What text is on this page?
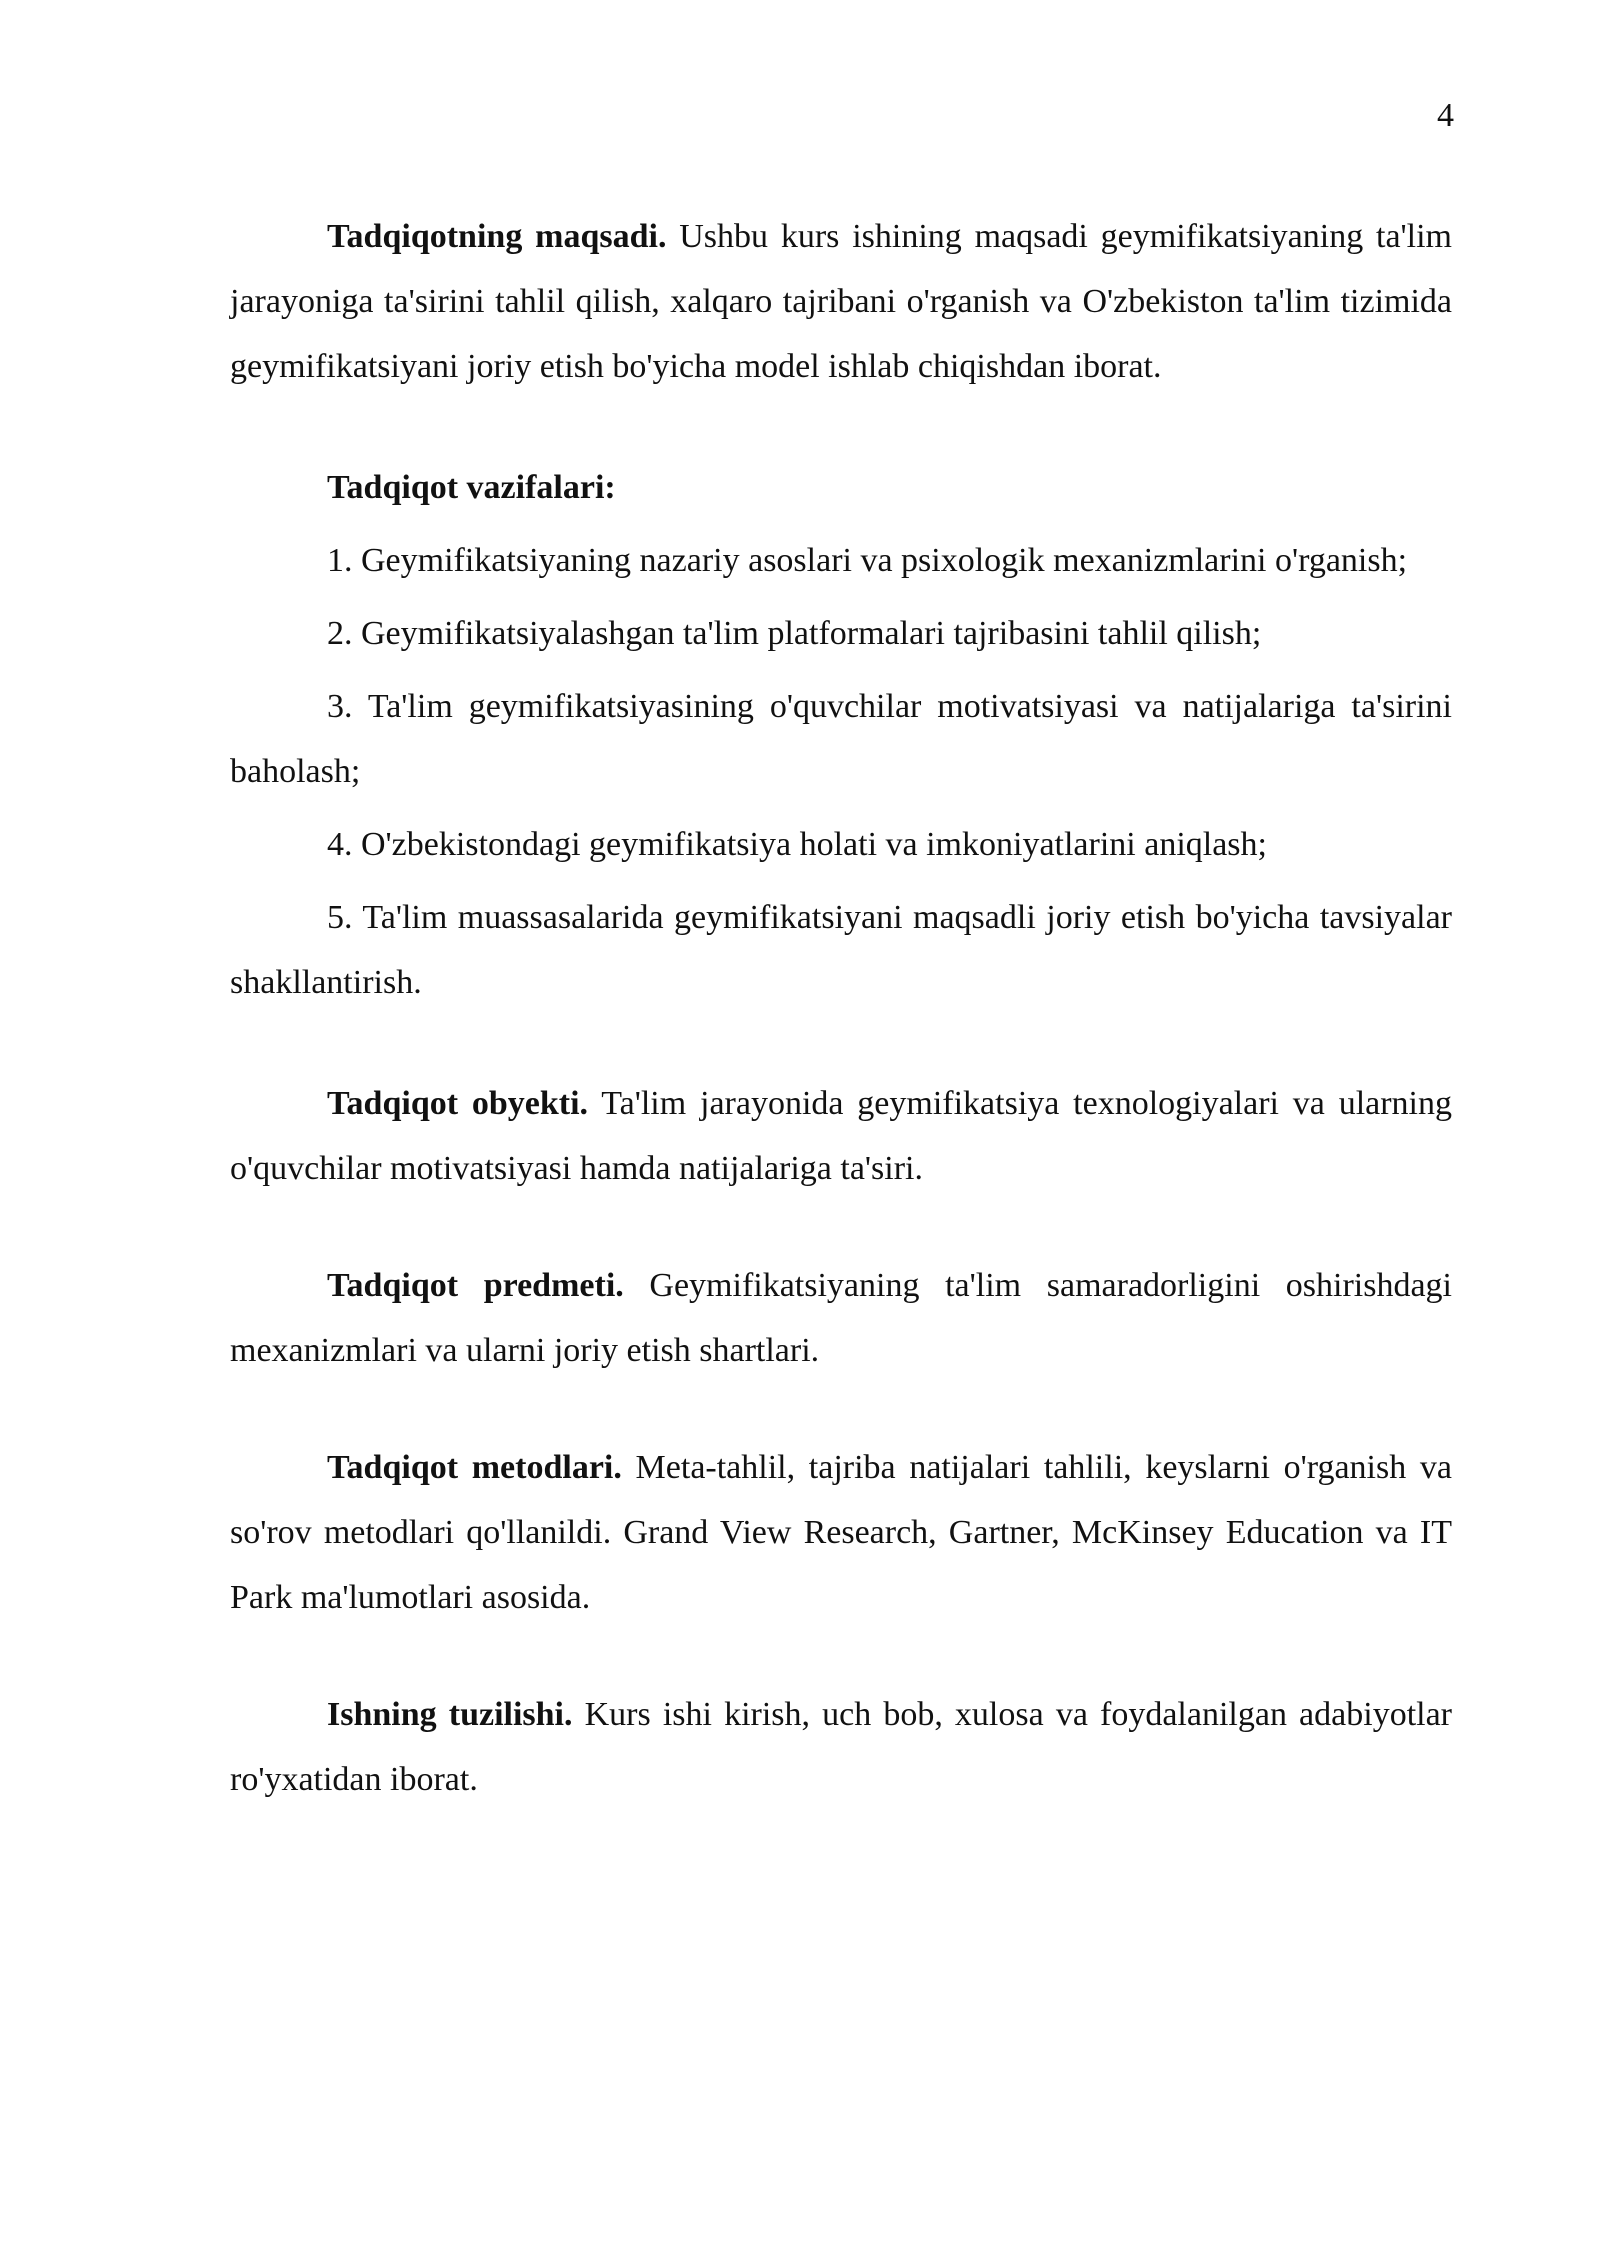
4

Tadqiqotning maqsadi. Ushbu kurs ishining maqsadi geymifikatsiyaning ta'lim jarayoniga ta'sirini tahlil qilish, xalqaro tajribani o'rganish va O'zbekiston ta'lim tizimida geymifikatsiyani joriy etish bo'yicha model ishlab chiqishdan iborat.

Tadqiqot vazifalari:

1. Geymifikatsiyaning nazariy asoslari va psixologik mexanizmlarini o'rganish;

2. Geymifikatsiyalashgan ta'lim platformalari tajribasini tahlil qilish;

3. Ta'lim geymifikatsiyasining o'quvchilar motivatsiyasi va natijalariga ta'sirini baholash;

4. O'zbekistondagi geymifikatsiya holati va imkoniyatlarini aniqlash;

5. Ta'lim muassasalarida geymifikatsiyani maqsadli joriy etish bo'yicha tavsiyalar shakllantirish.

Tadqiqot obyekti. Ta'lim jarayonida geymifikatsiya texnologiyalari va ularning o'quvchilar motivatsiyasi hamda natijalariga ta'siri.

Tadqiqot predmeti. Geymifikatsiyaning ta'lim samaradorligini oshirishdagi mexanizmlari va ularni joriy etish shartlari.

Tadqiqot metodlari. Meta-tahlil, tajriba natijalari tahlili, keyslarni o'rganish va so'rov metodlari qo'llanildi. Grand View Research, Gartner, McKinsey Education va IT Park ma'lumotlari asosida.

Ishning tuzilishi. Kurs ishi kirish, uch bob, xulosa va foydalanilgan adabiyotlar ro'yxatidan iborat.
